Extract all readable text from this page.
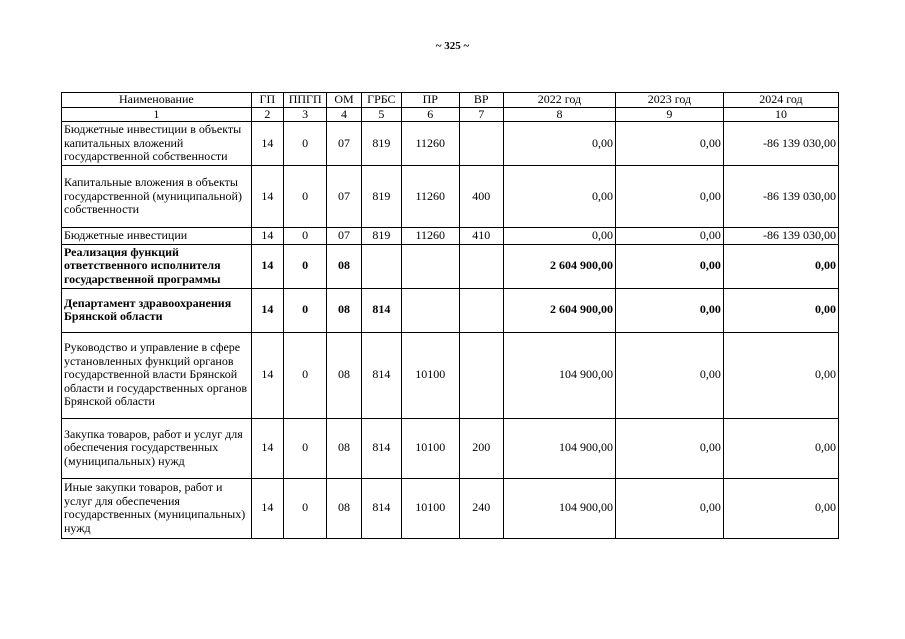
~ 325 ~
Наименование	ГП	ППГП	ОМ	ГРБС	ПР	ВР	2022 год	2023 год	2024 год
1	2	3	4	5	6	7	8	9	10
Бюджетные инвестиции в объекты капитальных вложений государственной собственности	14	0	07	819	11260		0,00	0,00	-86 139 030,00
Капитальные вложения в объекты государственной (муниципальной) собственности	14	0	07	819	11260	400	0,00	0,00	-86 139 030,00
Бюджетные инвестиции	14	0	07	819	11260	410	0,00	0,00	-86 139 030,00
Реализация функций ответственного исполнителя государственной программы	14	0	08				2 604 900,00	0,00	0,00
Департамент здравоохранения Брянской области	14	0	08	814			2 604 900,00	0,00	0,00
Руководство и управление в сфере установленных функций органов государственной власти Брянской области и государственных органов Брянской области	14	0	08	814	10100		104 900,00	0,00	0,00
Закупка товаров, работ и услуг для обеспечения государственных (муниципальных) нужд	14	0	08	814	10100	200	104 900,00	0,00	0,00
Иные закупки товаров, работ и услуг для обеспечения государственных (муниципальных) нужд	14	0	08	814	10100	240	104 900,00	0,00	0,00
